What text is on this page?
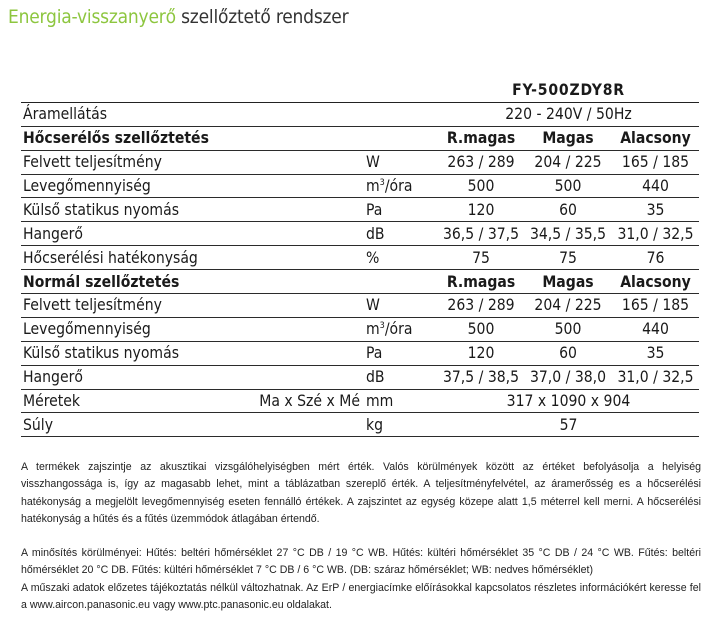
Energia-visszanyerő szellőztető rendszer
		FY-500ZDY8R		
Áramellátás		220 - 240V / 50Hz		
Hőcserélős szellőztetés		R.magas	Magas	Alacsony
Felvett teljesítmény	W	263 / 289	204 / 225	165 / 185
Levegőmennyiség	$m^3$/óra	500	500	440
Külső statikus nyomás	Pa	120	60	35
Hangerő	dB	36,5 / 37,5	34,5 / 35,5	31,0 / 32,5
Hőcserélési hatékonyság	%	75	75	76
Normál szellőztetés		R.magas	Magas	Alacsony
Felvett teljesítmény	W	263 / 289	204 / 225	165 / 185
Levegőmennyiség	$m^3$/óra	500	500	440
Külső statikus nyomás	Pa	120	60	35
Hangerő	dB	37,5 / 38,5	37,0 / 38,0	31,0 / 32,5
Méretek Ma x Szé x Mé	mm	317 x 1090 x 904		
Súly	kg	57		

A termékek zajszintje az akusztikai vizsgálóhelyiségben mért érték. Valós körülmények között az értéket befolyásolja a helyiség visszhangossága is, így az magasabb lehet, mint a táblázatban szereplő érték. A teljesítményfelvétel, az áramerősség es a hőcserélési hatékonyság a megjelölt levegőmennyiség eseten fennálló értékek. A zajszintet az egység közepe alatt 1,5 méterrel kell merni. A hőcserélési hatékonyság a hűtés és a fűtés üzemmódok átlagában értendő.

A minősítés körülményei: Hűtés: beltéri hőmérséklet 27 °C DB / 19 °C WB. Hűtés: kültéri hőmérséklet 35 °C DB / 24 °C WB. Fűtés: beltéri hőmérséklet 20 °C DB. Fűtés: kültéri hőmérséklet 7 °C DB / 6 °C WB. (DB: száraz hőmérséklet; WB: nedves hőmérséklet)

A műszaki adatok előzetes tájékoztatás nélkül változhatnak. Az ErP / energiacímke előírásokkal kapcsolatos részletes információkért keresse fel a www.aircon.panasonic.eu vagy www.ptc.panasonic.eu oldalakat.
